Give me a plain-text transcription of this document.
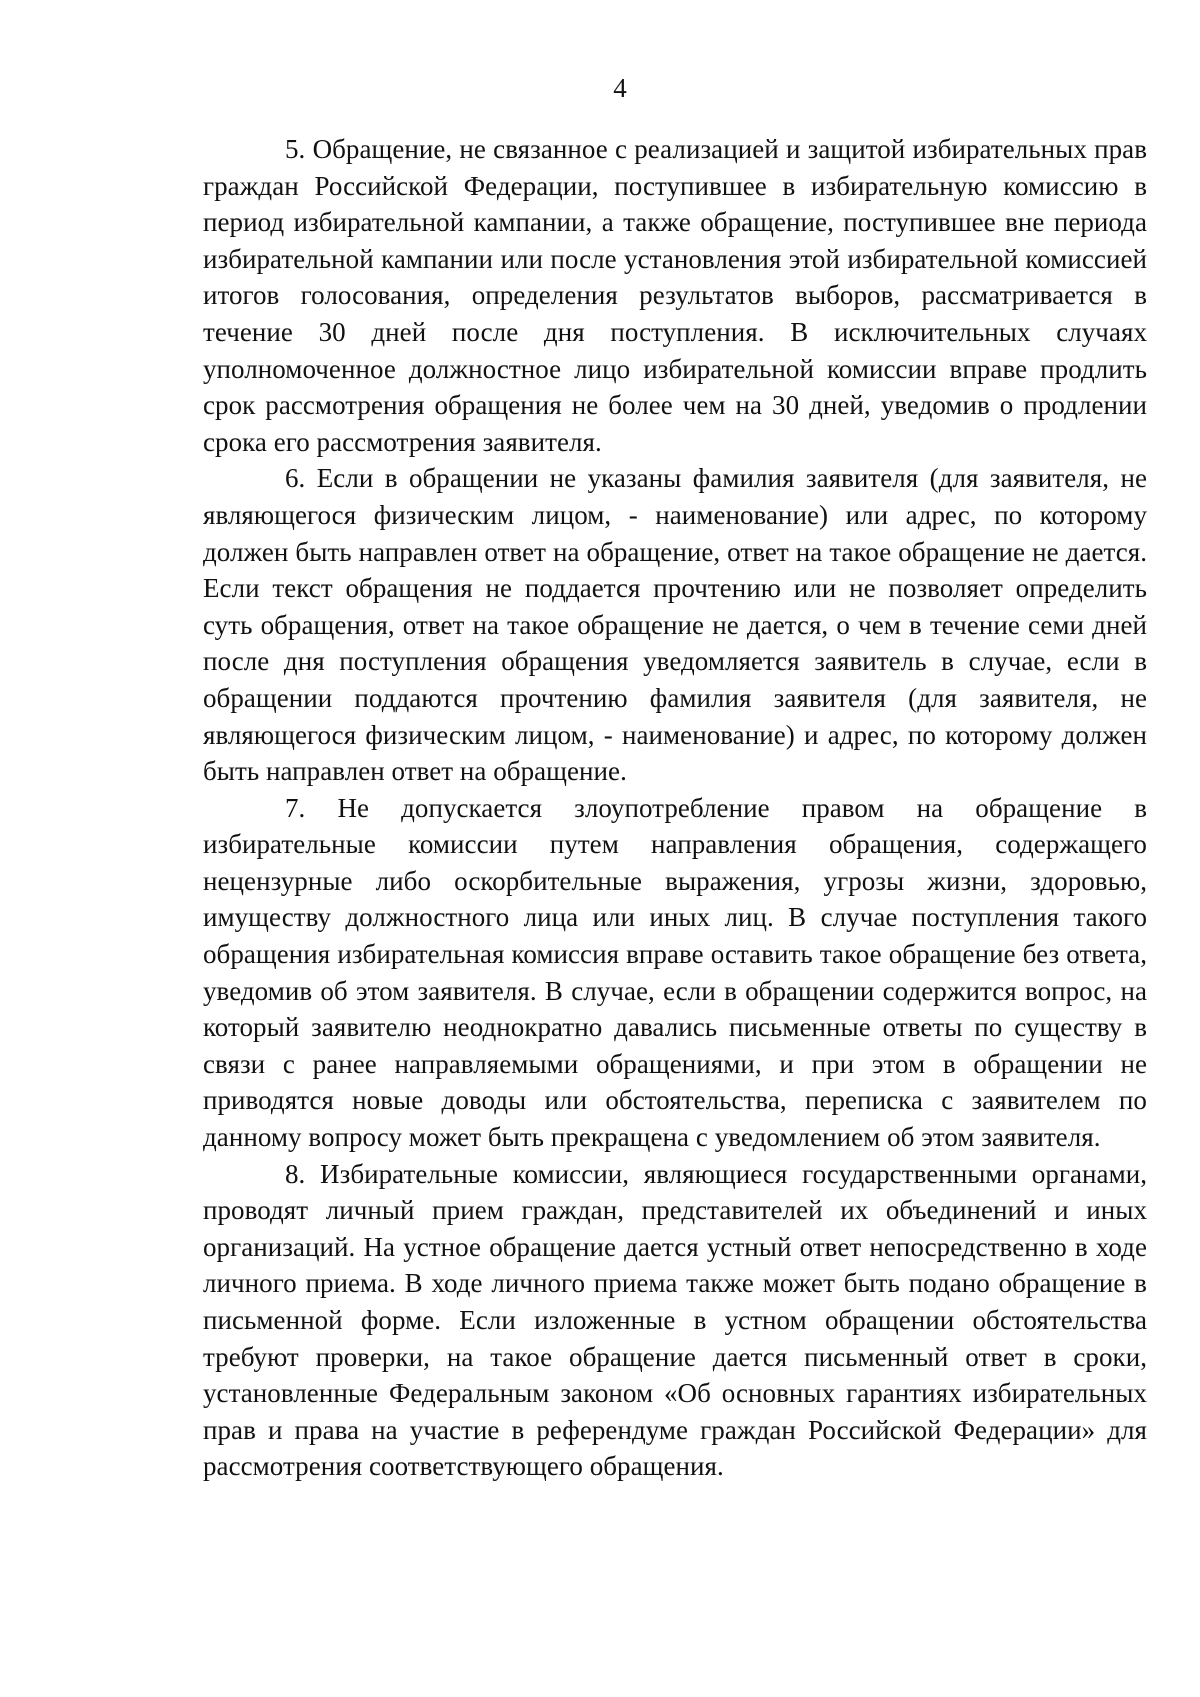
4

5. Обращение, не связанное с реализацией и защитой избирательных прав граждан Российской Федерации, поступившее в избирательную комиссию в период избирательной кампании, а также обращение, поступившее вне периода избирательной кампании или после установления этой избирательной комиссией итогов голосования, определения результатов выборов, рассматривается в течение 30 дней после дня поступления. В исключительных случаях уполномоченное должностное лицо избирательной комиссии вправе продлить срок рассмотрения обращения не более чем на 30 дней, уведомив о продлении срока его рассмотрения заявителя.

6. Если в обращении не указаны фамилия заявителя (для заявителя, не являющегося физическим лицом, - наименование) или адрес, по которому должен быть направлен ответ на обращение, ответ на такое обращение не дается. Если текст обращения не поддается прочтению или не позволяет определить суть обращения, ответ на такое обращение не дается, о чем в течение семи дней после дня поступления обращения уведомляется заявитель в случае, если в обращении поддаются прочтению фамилия заявителя (для заявителя, не являющегося физическим лицом, - наименование) и адрес, по которому должен быть направлен ответ на обращение.

7. Не допускается злоупотребление правом на обращение в избирательные комиссии путем направления обращения, содержащего нецензурные либо оскорбительные выражения, угрозы жизни, здоровью, имуществу должностного лица или иных лиц. В случае поступления такого обращения избирательная комиссия вправе оставить такое обращение без ответа, уведомив об этом заявителя. В случае, если в обращении содержится вопрос, на который заявителю неоднократно давались письменные ответы по существу в связи с ранее направляемыми обращениями, и при этом в обращении не приводятся новые доводы или обстоятельства, переписка с заявителем по данному вопросу может быть прекращена с уведомлением об этом заявителя.

8. Избирательные комиссии, являющиеся государственными органами, проводят личный прием граждан, представителей их объединений и иных организаций. На устное обращение дается устный ответ непосредственно в ходе личного приема. В ходе личного приема также может быть подано обращение в письменной форме. Если изложенные в устном обращении обстоятельства требуют проверки, на такое обращение дается письменный ответ в сроки, установленные Федеральным законом «Об основных гарантиях избирательных прав и права на участие в референдуме граждан Российской Федерации» для рассмотрения соответствующего обращения.
